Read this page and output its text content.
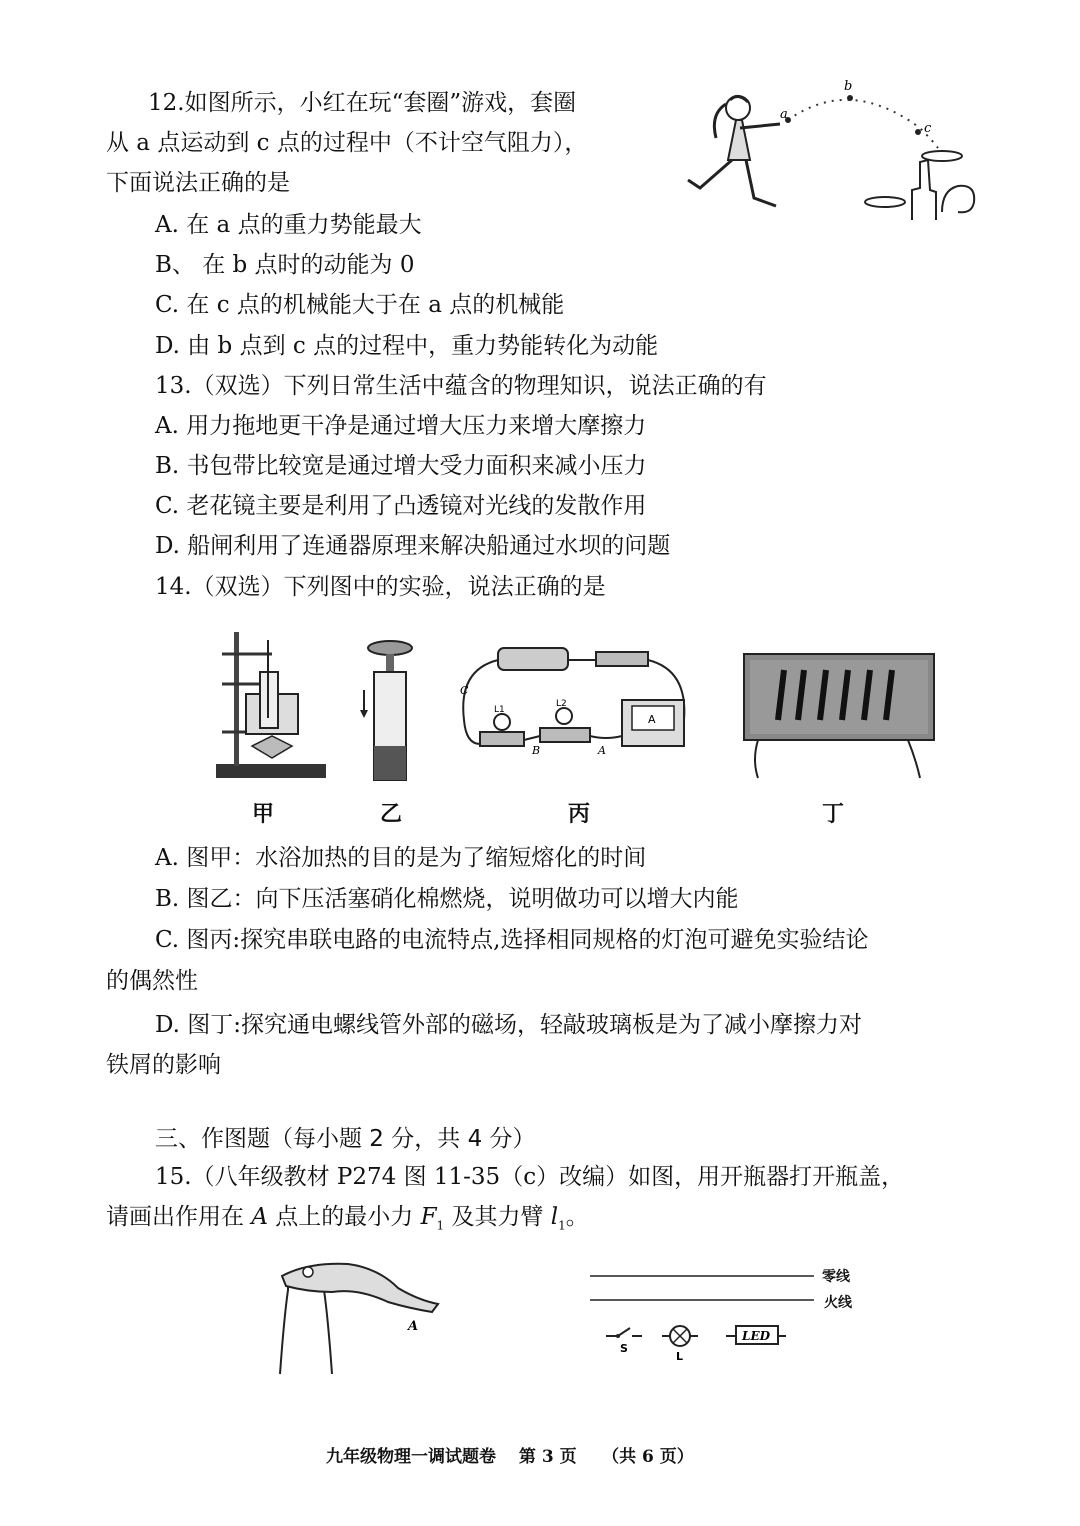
12.如图所示，小红在玩“套圈”游戏，套圈
从 a 点运动到 c 点的过程中（不计空气阻力），
下面说法正确的是
A. 在 a 点的重力势能最大
B、 在 b 点时的动能为 0
C. 在 c 点的机械能大于在 a 点的机械能
D. 由 b 点到 c 点的过程中，重力势能转化为动能
a
b
c
13.（双选）下列日常生活中蕴含的物理知识，说法正确的有
A. 用力拖地更干净是通过增大压力来增大摩擦力
B. 书包带比较宽是通过增大受力面积来减小压力
C. 老花镜主要是利用了凸透镜对光线的发散作用
D. 船闸利用了连通器原理来解决船通过水坝的问题
14.（双选）下列图中的实验，说法正确的是
甲	乙
C
B	A
L1
L2
A
丙	丁
A. 图甲：水浴加热的目的是为了缩短熔化的时间
B. 图乙：向下压活塞硝化棉燃烧，说明做功可以增大内能
C. 图丙:探究串联电路的电流特点,选择相同规格的灯泡可避免实验结论
的偶然性
D. 图丁:探究通电螺线管外部的磁场，轻敲玻璃板是为了减小摩擦力对
铁屑的影响
三、作图题（每小题 2 分，共 4 分）
15.（八年级教材 P274 图 11-35（c）改编）如图，用开瓶器打开瓶盖，
请画出作用在 A 点上的最小力 $F_1$ 及其力臂 $l_1$。
A
S
L
LED
零线
火线
九年级物理一调试题卷　 第 3 页　　（共 6 页）
